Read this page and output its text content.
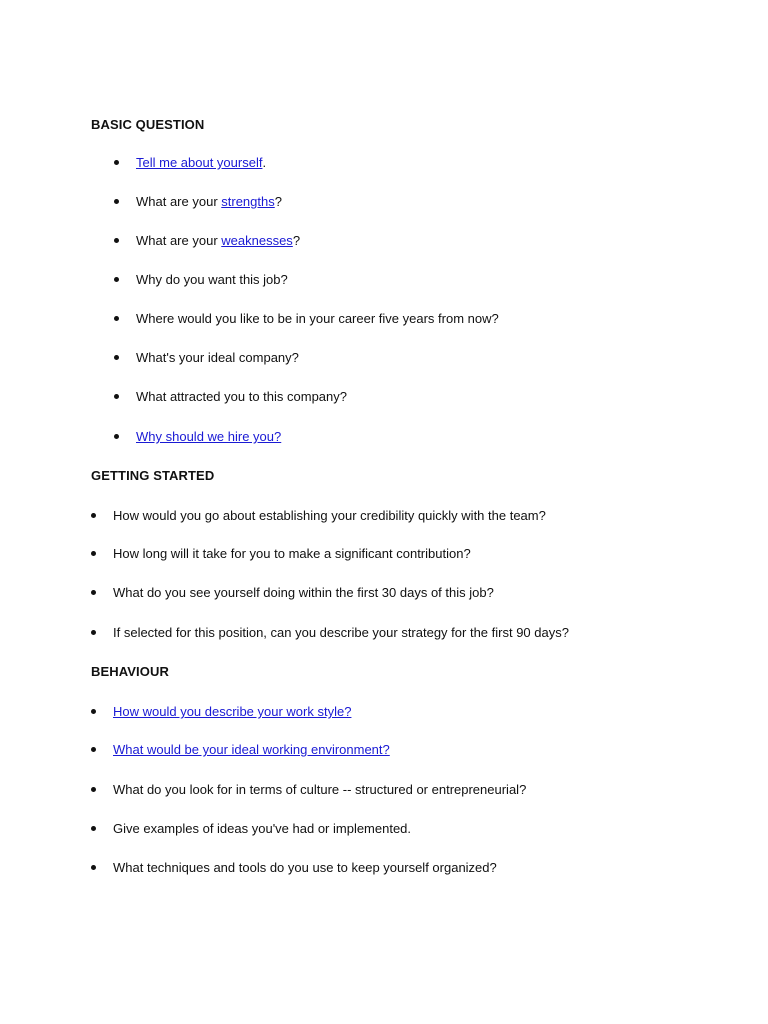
BASIC QUESTION
Tell me about yourself.
What are your strengths?
What are your weaknesses?
Why do you want this job?
Where would you like to be in your career five years from now?
What's your ideal company?
What attracted you to this company?
Why should we hire you?
GETTING STARTED
How would you go about establishing your credibility quickly with the team?
How long will it take for you to make a significant contribution?
What do you see yourself doing within the first 30 days of this job?
If selected for this position, can you describe your strategy for the first 90 days?
BEHAVIOUR
How would you describe your work style?
What would be your ideal working environment?
What do you look for in terms of culture -- structured or entrepreneurial?
Give examples of ideas you've had or implemented.
What techniques and tools do you use to keep yourself organized?
